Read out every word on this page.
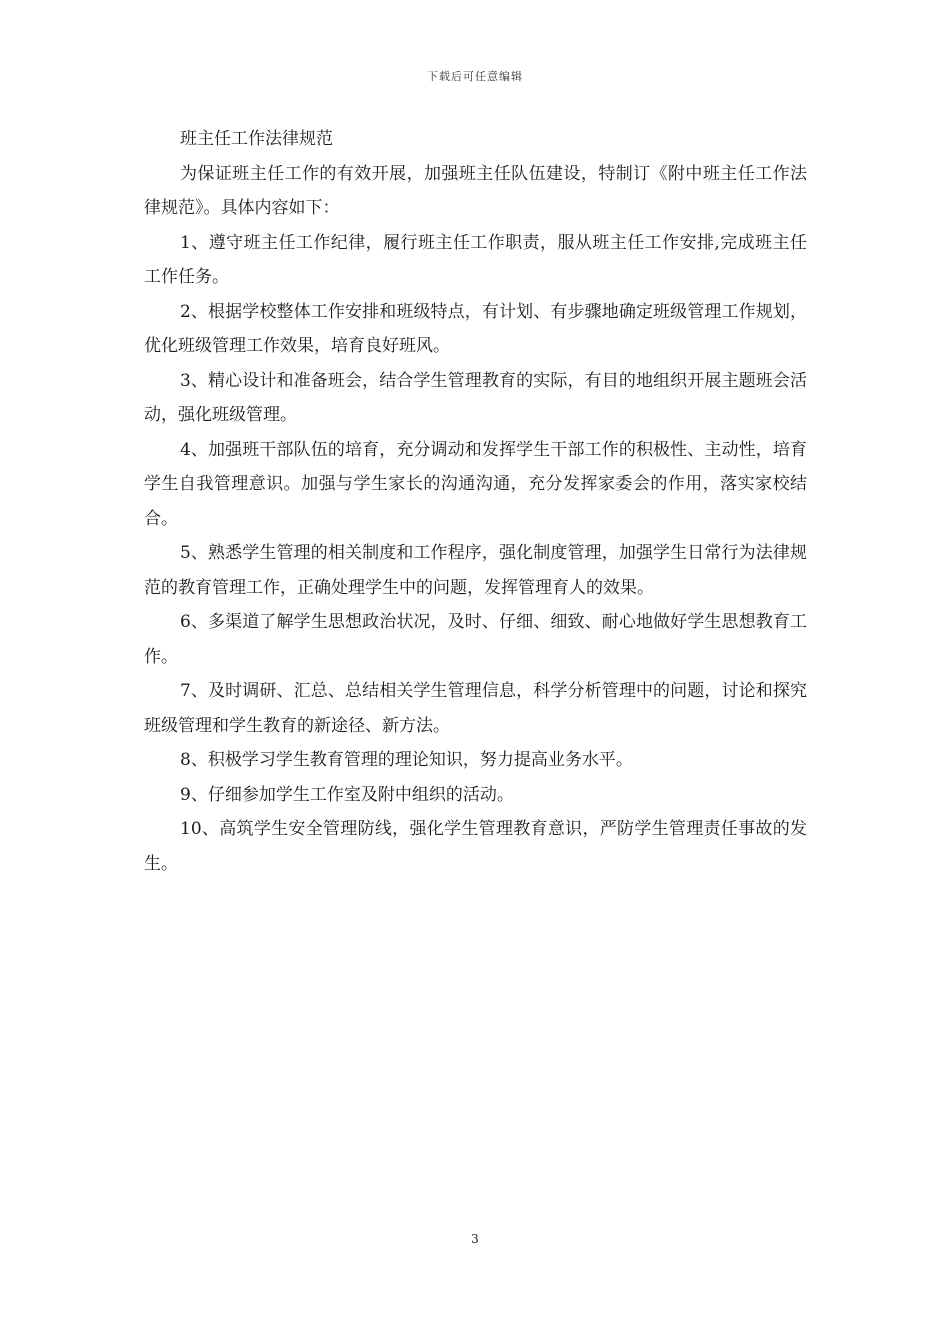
下载后可任意编辑
班主任工作法律规范

为保证班主任工作的有效开展，加强班主任队伍建设，特制订《附中班主任工作法律规范》。具体内容如下：

1、遵守班主任工作纪律，履行班主任工作职责，服从班主任工作安排,完成班主任工作任务。

2、根据学校整体工作安排和班级特点，有计划、有步骤地确定班级管理工作规划，优化班级管理工作效果，培育良好班风。

3、精心设计和准备班会，结合学生管理教育的实际，有目的地组织开展主题班会活动，强化班级管理。

4、加强班干部队伍的培育，充分调动和发挥学生干部工作的积极性、主动性，培育学生自我管理意识。加强与学生家长的沟通沟通，充分发挥家委会的作用，落实家校结合。

5、熟悉学生管理的相关制度和工作程序，强化制度管理，加强学生日常行为法律规范的教育管理工作，正确处理学生中的问题，发挥管理育人的效果。

6、多渠道了解学生思想政治状况，及时、仔细、细致、耐心地做好学生思想教育工作。

7、及时调研、汇总、总结相关学生管理信息，科学分析管理中的问题，讨论和探究班级管理和学生教育的新途径、新方法。

8、积极学习学生教育管理的理论知识，努力提高业务水平。

9、仔细参加学生工作室及附中组织的活动。

10、高筑学生安全管理防线，强化学生管理教育意识，严防学生管理责任事故的发生。

3
